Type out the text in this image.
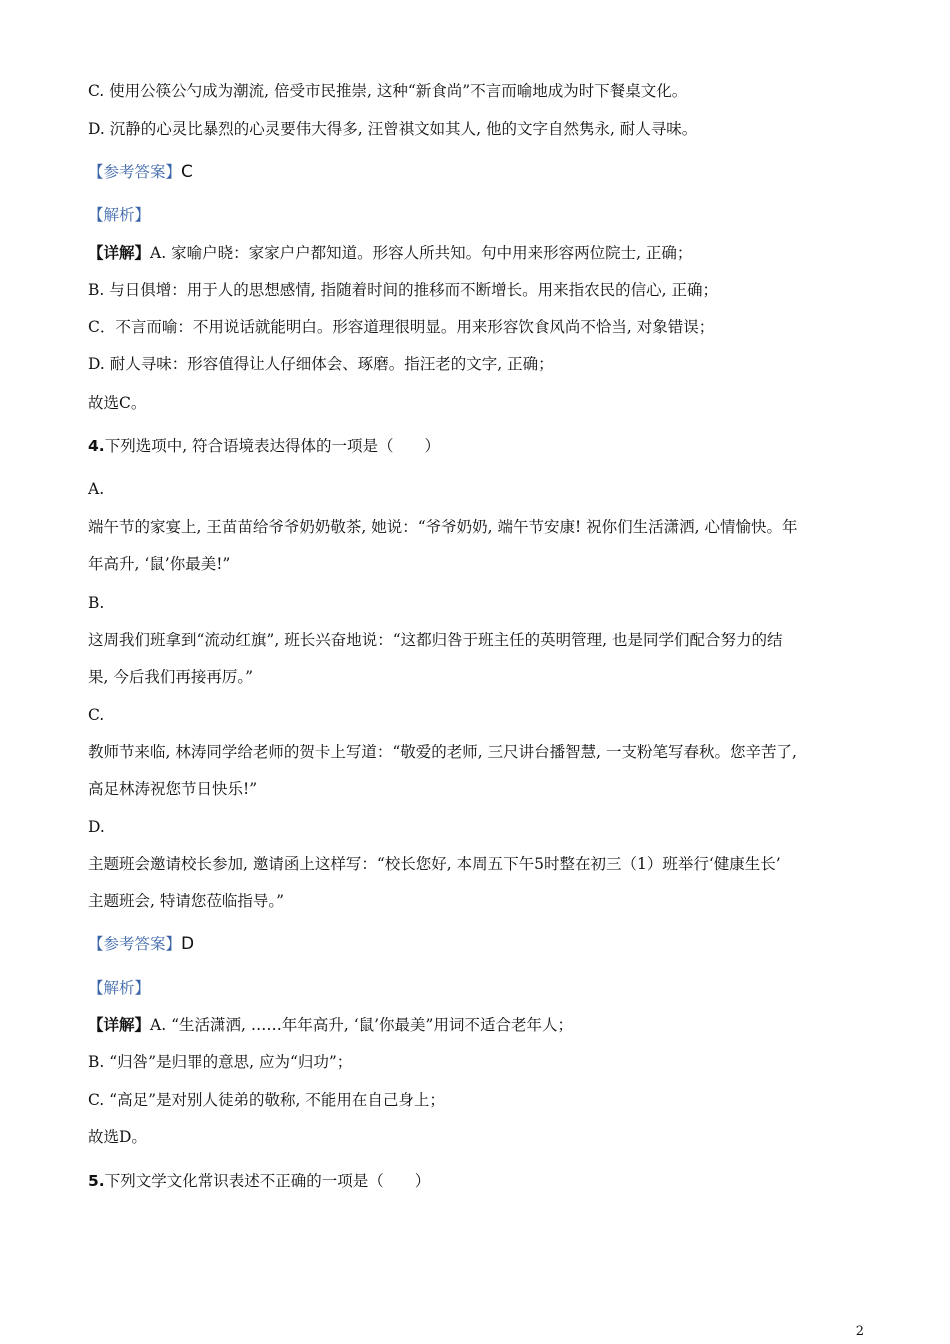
C. 使用公筷公勺成为潮流, 倍受市民推崇, 这种“新食尚”不言而喻地成为时下餐桌文化。
D. 沉静的心灵比暴烈的心灵要伟大得多, 汪曾祺文如其人, 他的文字自然隽永, 耐人寻味。
【参考答案】C
【解析】
【详解】A. 家喻户晓：家家户户都知道。形容人所共知。句中用来形容两位院士, 正确；
B. 与日俱增：用于人的思想感情, 指随着时间的推移而不断增长。用来指农民的信心, 正确；
C．不言而喻：不用说话就能明白。形容道理很明显。用来形容饮食风尚不恰当, 对象错误；
D. 耐人寻味：形容值得让人仔细体会、琢磨。指汪老的文字, 正确；
故选C。
4.下列选项中, 符合语境表达得体的一项是（　　）
A.
端午节的家宴上, 王苗苗给爷爷奶奶敬茶, 她说：“爷爷奶奶, 端午节安康! 祝你们生活潇洒, 心情愉快。年
年高升, ‘鼠’你最美!”
B.
这周我们班拿到“流动红旗”, 班长兴奋地说：“这都归咎于班主任的英明管理, 也是同学们配合努力的结
果, 今后我们再接再厉。”
C.
教师节来临, 林涛同学给老师的贺卡上写道：“敬爱的老师, 三尺讲台播智慧, 一支粉笔写春秋。您辛苦了,
高足林涛祝您节日快乐!”
D.
主题班会邀请校长参加, 邀请函上这样写：“校长您好, 本周五下午5时整在初三（1）班举行‘健康生长’
主题班会, 特请您莅临指导。”
【参考答案】D
【解析】
【详解】A. “生活潇洒, ……年年高升, ‘鼠’你最美”用词不适合老年人；
B. “归咎”是归罪的意思, 应为“归功”；
C. “高足”是对别人徒弟的敬称, 不能用在自己身上；
故选D。
5.下列文学文化常识表述不正确的一项是（　　）
2
